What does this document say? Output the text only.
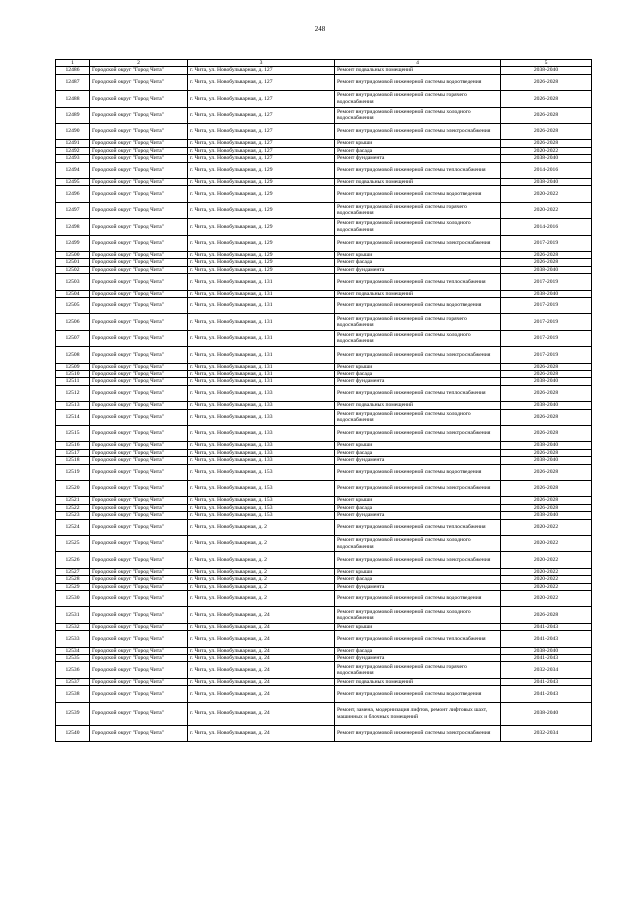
248
1	2	3	4	5
12486	Городской округ "Город Чита"	г. Чита, ул. Новобульварная, д. 127	Ремонт подвальных помещений	2038-2040
12487	Городской округ "Город Чита"	г. Чита, ул. Новобульварная, д. 127	Ремонт внутридомовой инженерной системы водоотведения	2026-2028
12488	Городской округ "Город Чита"	г. Чита, ул. Новобульварная, д. 127	Ремонт внутридомовой инженерной системы горячего водоснабжения	2026-2028
12489	Городской округ "Город Чита"	г. Чита, ул. Новобульварная, д. 127	Ремонт внутридомовой инженерной системы холодного водоснабжения	2026-2028
12490	Городской округ "Город Чита"	г. Чита, ул. Новобульварная, д. 127	Ремонт внутридомовой инженерной системы электроснабжения	2026-2028
12491	Городской округ "Город Чита"	г. Чита, ул. Новобульварная, д. 127	Ремонт крыши	2026-2028
12492	Городской округ "Город Чита"	г. Чита, ул. Новобульварная, д. 127	Ремонт фасада	2020-2022
12493	Городской округ "Город Чита"	г. Чита, ул. Новобульварная, д. 127	Ремонт фундамента	2038-2040
12494	Городской округ "Город Чита"	г. Чита, ул. Новобульварная, д. 129	Ремонт внутридомовой инженерной системы теплоснабжения	2014-2016
12495	Городской округ "Город Чита"	г. Чита, ул. Новобульварная, д. 129	Ремонт подвальных помещений	2038-2040
12496	Городской округ "Город Чита"	г. Чита, ул. Новобульварная, д. 129	Ремонт внутридомовой инженерной системы водоотведения	2020-2022
12497	Городской округ "Город Чита"	г. Чита, ул. Новобульварная, д. 129	Ремонт внутридомовой инженерной системы горячего водоснабжения	2020-2022
12498	Городской округ "Город Чита"	г. Чита, ул. Новобульварная, д. 129	Ремонт внутридомовой инженерной системы холодного водоснабжения	2014-2016
12499	Городской округ "Город Чита"	г. Чита, ул. Новобульварная, д. 129	Ремонт внутридомовой инженерной системы электроснабжения	2017-2019
12500	Городской округ "Город Чита"	г. Чита, ул. Новобульварная, д. 129	Ремонт крыши	2026-2028
12501	Городской округ "Город Чита"	г. Чита, ул. Новобульварная, д. 129	Ремонт фасада	2026-2028
12502	Городской округ "Город Чита"	г. Чита, ул. Новобульварная, д. 129	Ремонт фундамента	2038-2040
12503	Городской округ "Город Чита"	г. Чита, ул. Новобульварная, д. 131	Ремонт внутридомовой инженерной системы теплоснабжения	2017-2019
12504	Городской округ "Город Чита"	г. Чита, ул. Новобульварная, д. 131	Ремонт подвальных помещений	2038-2040
12505	Городской округ "Город Чита"	г. Чита, ул. Новобульварная, д. 131	Ремонт внутридомовой инженерной системы водоотведения	2017-2019
12506	Городской округ "Город Чита"	г. Чита, ул. Новобульварная, д. 131	Ремонт внутридомовой инженерной системы горячего водоснабжения	2017-2019
12507	Городской округ "Город Чита"	г. Чита, ул. Новобульварная, д. 131	Ремонт внутридомовой инженерной системы холодного водоснабжения	2017-2019
12508	Городской округ "Город Чита"	г. Чита, ул. Новобульварная, д. 131	Ремонт внутридомовой инженерной системы электроснабжения	2017-2019
12509	Городской округ "Город Чита"	г. Чита, ул. Новобульварная, д. 131	Ремонт крыши	2026-2028
12510	Городской округ "Город Чита"	г. Чита, ул. Новобульварная, д. 131	Ремонт фасада	2026-2028
12511	Городской округ "Город Чита"	г. Чита, ул. Новобульварная, д. 131	Ремонт фундамента	2038-2040
12512	Городской округ "Город Чита"	г. Чита, ул. Новобульварная, д. 133	Ремонт внутридомовой инженерной системы теплоснабжения	2026-2028
12513	Городской округ "Город Чита"	г. Чита, ул. Новобульварная, д. 133	Ремонт подвальных помещений	2038-2040
12514	Городской округ "Город Чита"	г. Чита, ул. Новобульварная, д. 133	Ремонт внутридомовой инженерной системы холодного водоснабжения	2026-2028
12515	Городской округ "Город Чита"	г. Чита, ул. Новобульварная, д. 133	Ремонт внутридомовой инженерной системы электроснабжения	2026-2028
12516	Городской округ "Город Чита"	г. Чита, ул. Новобульварная, д. 133	Ремонт крыши	2038-2040
12517	Городской округ "Город Чита"	г. Чита, ул. Новобульварная, д. 133	Ремонт фасада	2026-2028
12518	Городской округ "Город Чита"	г. Чита, ул. Новобульварная, д. 133	Ремонт фундамента	2038-2040
12519	Городской округ "Город Чита"	г. Чита, ул. Новобульварная, д. 153	Ремонт внутридомовой инженерной системы водоотведения	2026-2028
12520	Городской округ "Город Чита"	г. Чита, ул. Новобульварная, д. 153	Ремонт внутридомовой инженерной системы электроснабжения	2026-2028
12521	Городской округ "Город Чита"	г. Чита, ул. Новобульварная, д. 153	Ремонт крыши	2026-2028
12522	Городской округ "Город Чита"	г. Чита, ул. Новобульварная, д. 153	Ремонт фасада	2026-2028
12523	Городской округ "Город Чита"	г. Чита, ул. Новобульварная, д. 153	Ремонт фундамента	2038-2040
12524	Городской округ "Город Чита"	г. Чита, ул. Новобульварная, д. 2	Ремонт внутридомовой инженерной системы теплоснабжения	2020-2022
12525	Городской округ "Город Чита"	г. Чита, ул. Новобульварная, д. 2	Ремонт внутридомовой инженерной системы холодного водоснабжения	2020-2022
12526	Городской округ "Город Чита"	г. Чита, ул. Новобульварная, д. 2	Ремонт внутридомовой инженерной системы электроснабжения	2020-2022
12527	Городской округ "Город Чита"	г. Чита, ул. Новобульварная, д. 2	Ремонт крыши	2020-2022
12528	Городской округ "Город Чита"	г. Чита, ул. Новобульварная, д. 2	Ремонт фасада	2020-2022
12529	Городской округ "Город Чита"	г. Чита, ул. Новобульварная, д. 2	Ремонт фундамента	2020-2022
12530	Городской округ "Город Чита"	г. Чита, ул. Новобульварная, д. 2	Ремонт внутридомовой инженерной системы водоотведения	2020-2022
12531	Городской округ "Город Чита"	г. Чита, ул. Новобульварная, д. 24	Ремонт внутридомовой инженерной системы холодного водоснабжения	2026-2028
12532	Городской округ "Город Чита"	г. Чита, ул. Новобульварная, д. 24	Ремонт крыши	2041-2043
12533	Городской округ "Город Чита"	г. Чита, ул. Новобульварная, д. 24	Ремонт внутридомовой инженерной системы теплоснабжения	2041-2043
12534	Городской округ "Город Чита"	г. Чита, ул. Новобульварная, д. 24	Ремонт фасада	2038-2040
12535	Городской округ "Город Чита"	г. Чита, ул. Новобульварная, д. 24	Ремонт фундамента	2041-2043
12536	Городской округ "Город Чита"	г. Чита, ул. Новобульварная, д. 24	Ремонт внутридомовой инженерной системы горячего водоснабжения	2032-2034
12537	Городской округ "Город Чита"	г. Чита, ул. Новобульварная, д. 24	Ремонт подвальных помещений	2041-2043
12538	Городской округ "Город Чита"	г. Чита, ул. Новобульварная, д. 24	Ремонт внутридомовой инженерной системы водоотведения	2041-2043
12539	Городской округ "Город Чита"	г. Чита, ул. Новобульварная, д. 24	Ремонт, замена, модернизация лифтов, ремонт лифтовых шахт, машинных и блочных помещений	2038-2040
12540	Городской округ "Город Чита"	г. Чита, ул. Новобульварная, д. 24	Ремонт внутридомовой инженерной системы электроснабжения	2032-2034
